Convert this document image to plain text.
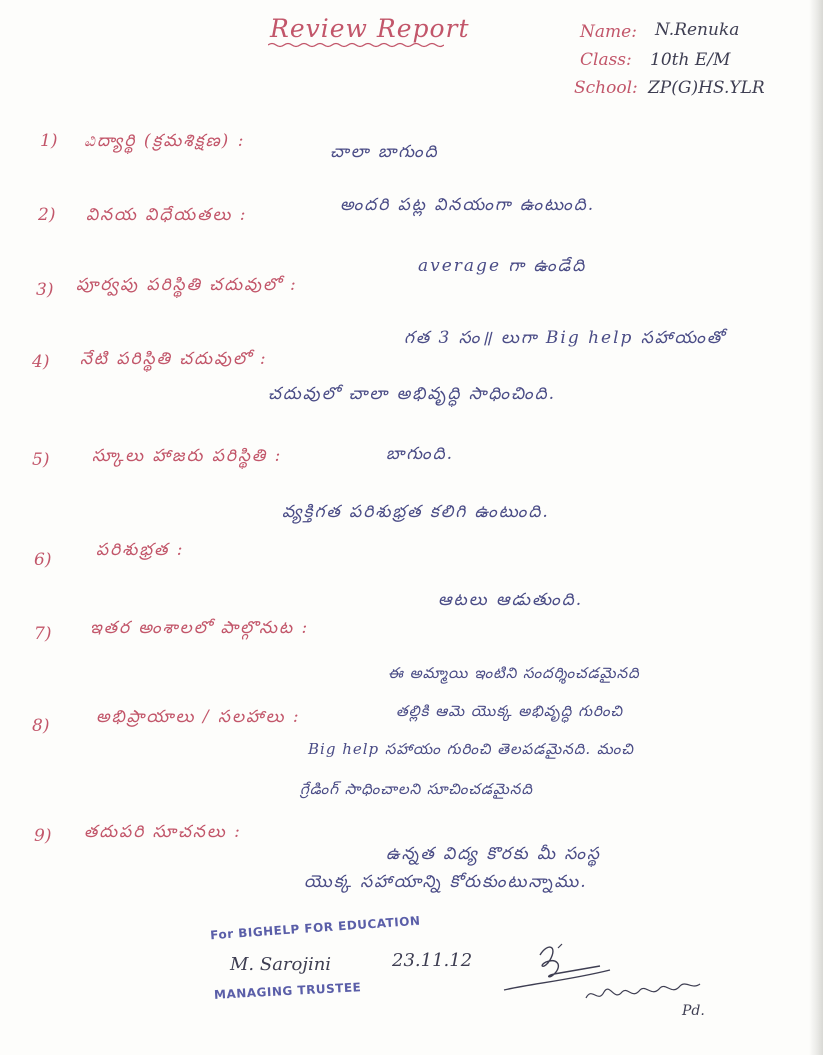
Review Report	Name: N.Renuka
Class: 10th E/M
School: ZP(G)HS.YLR
1) ವಿద్యార్థి (క్రమశిక్షణ) :
చాలా బాగుంది
2) వినయ విధేయతలు :	అందరి పట్ల వినయంగా ఉంటుంది.
3) పూర్వపు పరిస్థితి చదువులో :
average గా ఉండేది
4) నేటి పరిస్థితి చదువులో :
గత 3 సం॥ లుగా Big help సహాయంతో
చదువులో చాలా అభివృద్ధి సాధించింది.
5)	స్కూలు హాజరు పరిస్థితి :	బాగుంది.
6)	పరిశుభ్రత :
వ్యక్తిగత పరిశుభ్రత కలిగి ఉంటుంది.
7) ఇతర అంశాలలో పాల్గొనుట :
ఆటలు ఆడుతుంది.
8)	అభిప్రాయాలు / సలహాలు :
ఈ అమ్మాయి ఇంటిని సందర్శించడమైనది
తల్లికి ఆమె యొక్క అభివృద్ధి గురించి
Big help సహాయం గురించి తెలపడమైనది. మంచి
గ్రేడింగ్ సాధించాలని సూచించడమైనది
9) తదుపరి సూచనలు :
ఉన్నత విద్య కొరకు మీ సంస్థ
యొక్క సహాయాన్ని కోరుకుంటున్నాము.
For BIGHELP FOR EDUCATION
M. Sarojini
MANAGING TRUSTEE
23.11.12
Pd.
